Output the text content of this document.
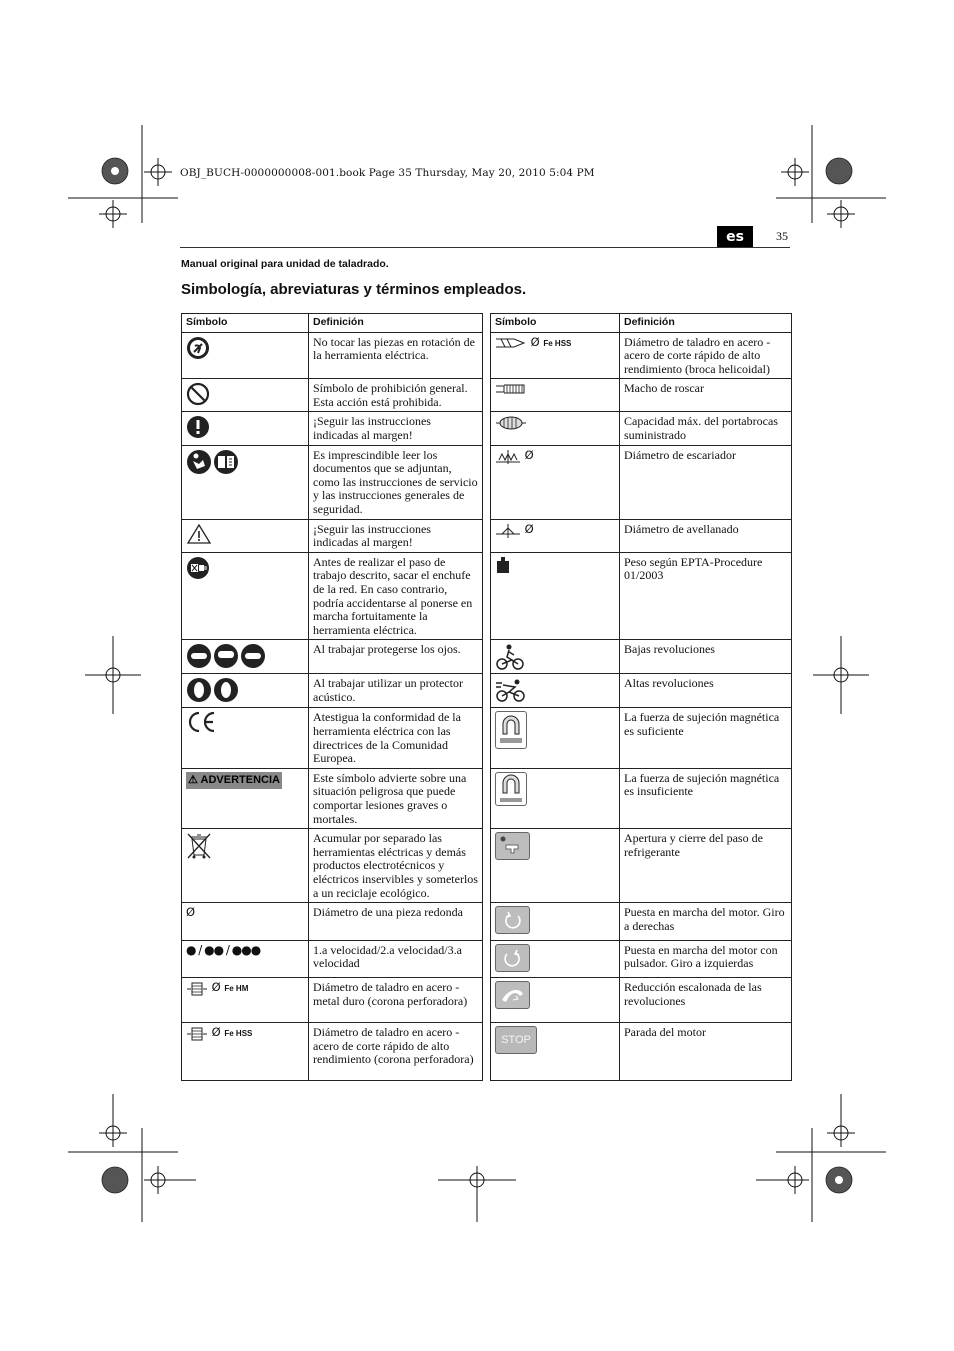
OBJ_BUCH-0000000008-001.book Page 35 Thursday, May 20, 2010 5:04 PM
es	35
Manual original para unidad de taladrado.
Simbología, abreviaturas y términos empleados.
Símbolo	Definición		Símbolo	Definición
	No tocar las piezas en rotación de la herramienta eléctrica.		Ø Fe HSS	Diámetro de taladro en acero - acero de corte rápido de alto rendimiento (broca helicoidal)
	Símbolo de prohibición general. Esta acción está prohibida.			Macho de roscar
	¡Seguir las instrucciones indicadas al margen!			Capacidad máx. del portabrocas suministrado
	Es imprescindible leer los documentos que se adjuntan, como las instrucciones de servicio y las instrucciones generales de seguridad.		Ø	Diámetro de escariador
	¡Seguir las instrucciones indicadas al margen!		Ø	Diámetro de avellanado
	Antes de realizar el paso de trabajo descrito, sacar el enchufe de la red. En caso contrario, podría accidentarse al ponerse en marcha fortuitamente la herramienta eléctrica.			Peso según EPTA-Procedure 01/2003
	Al trabajar protegerse los ojos.			Bajas revoluciones
	Al trabajar utilizar un protector acústico.			Altas revoluciones
	Atestigua la conformidad de la herramienta eléctrica con las directrices de la Comunidad Europea.			La fuerza de sujeción magnética es suficiente
⚠ ADVERTENCIA	Este símbolo advierte sobre una situación peligrosa que puede comportar lesiones graves o mortales.			La fuerza de sujeción magnética es insuficiente
	Acumular por separado las herramientas eléctricas y demás productos electrotécnicos y eléctricos inservibles y someterlos a un reciclaje ecológico.			Apertura y cierre del paso de refrigerante
Ø	Diámetro de una pieza redonda			Puesta en marcha del motor. Giro a derechas
● / ●● / ●●●	1.a velocidad/2.a velocidad/3.a velocidad			Puesta en marcha del motor con pulsador. Giro a izquierdas
Ø Fe HM	Diámetro de taladro en acero - metal duro (corona perforadora)			Reducción escalonada de las revoluciones
Ø Fe HSS	Diámetro de taladro en acero - acero de corte rápido de alto rendimiento (corona perforadora)		STOP	Parada del motor
